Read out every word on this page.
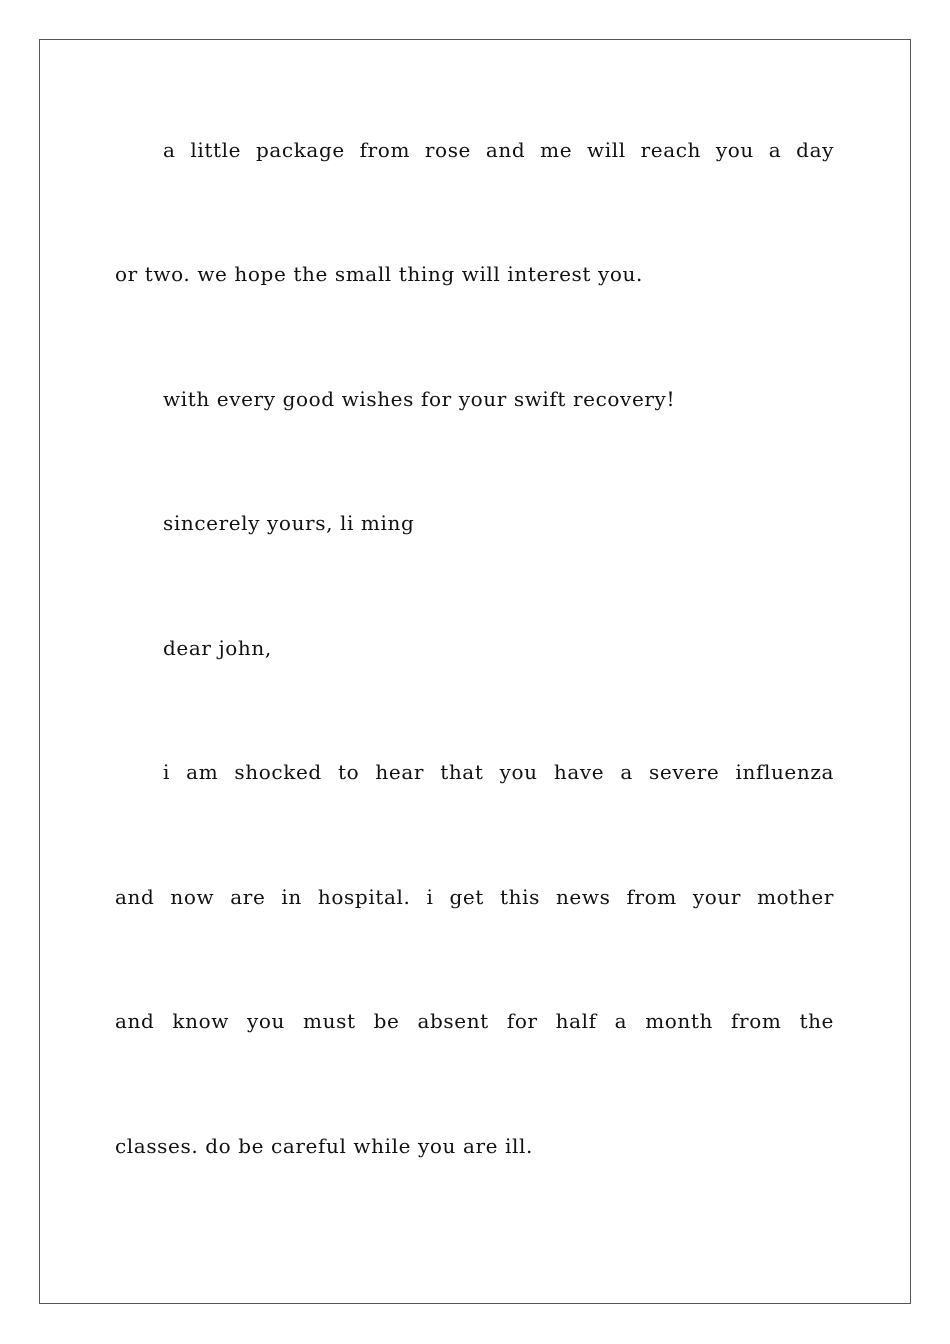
a little package from rose and me will reach you a day
or two. we hope the small thing will interest you.
with every good wishes for your swift recovery!
sincerely yours, li ming
dear john,
i am shocked to hear that you have a severe influenza
and now are in hospital. i get this news from your mother
and know you must be absent for half a month from the
classes. do be careful while you are ill.
